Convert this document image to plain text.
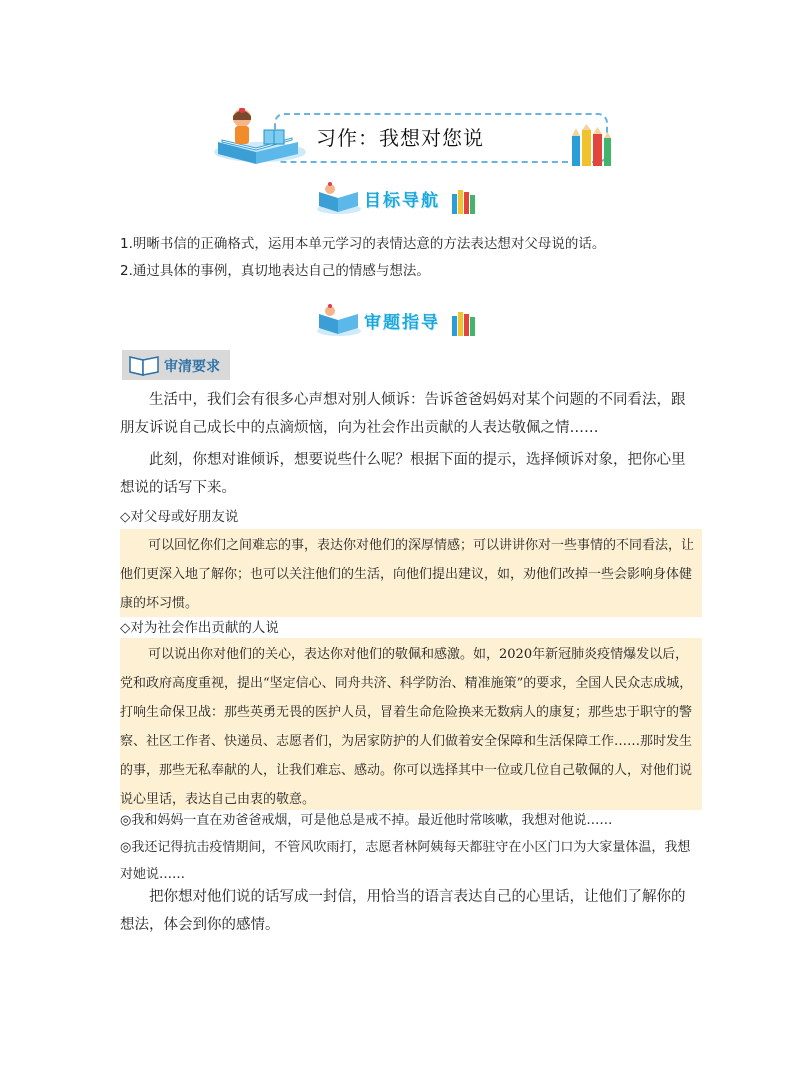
习作：我想对您说
目标导航
1.明晰书信的正确格式，运用本单元学习的表情达意的方法表达想对父母说的话。
2.通过具体的事例，真切地表达自己的情感与想法。
审题指导
审清要求

生活中，我们会有很多心声想对别人倾诉：告诉爸爸妈妈对某个问题的不同看法，跟朋友诉说自己成长中的点滴烦恼，向为社会作出贡献的人表达敬佩之情……

此刻，你想对谁倾诉，想要说些什么呢？根据下面的提示，选择倾诉对象，把你心里想说的话写下来。

◇对父母或好朋友说

可以回忆你们之间难忘的事，表达你对他们的深厚情感；可以讲讲你对一些事情的不同看法，让他们更深入地了解你；也可以关注他们的生活，向他们提出建议，如，劝他们改掉一些会影响身体健康的坏习惯。

◇对为社会作出贡献的人说

可以说出你对他们的关心，表达你对他们的敬佩和感激。如，2020年新冠肺炎疫情爆发以后，党和政府高度重视，提出“坚定信心、同舟共济、科学防治、精准施策”的要求，全国人民众志成城，打响生命保卫战：那些英勇无畏的医护人员，冒着生命危险换来无数病人的康复；那些忠于职守的警察、社区工作者、快递员、志愿者们，为居家防护的人们做着安全保障和生活保障工作……那时发生的事，那些无私奉献的人，让我们难忘、感动。你可以选择其中一位或几位自己敬佩的人，对他们说说心里话，表达自己由衷的敬意。

◎我和妈妈一直在劝爸爸戒烟，可是他总是戒不掉。最近他时常咳嗽，我想对他说……

◎我还记得抗击疫情期间，不管风吹雨打，志愿者林阿姨每天都驻守在小区门口为大家量体温，我想对她说……

把你想对他们说的话写成一封信，用恰当的语言表达自己的心里话，让他们了解你的想法，体会到你的感情。
